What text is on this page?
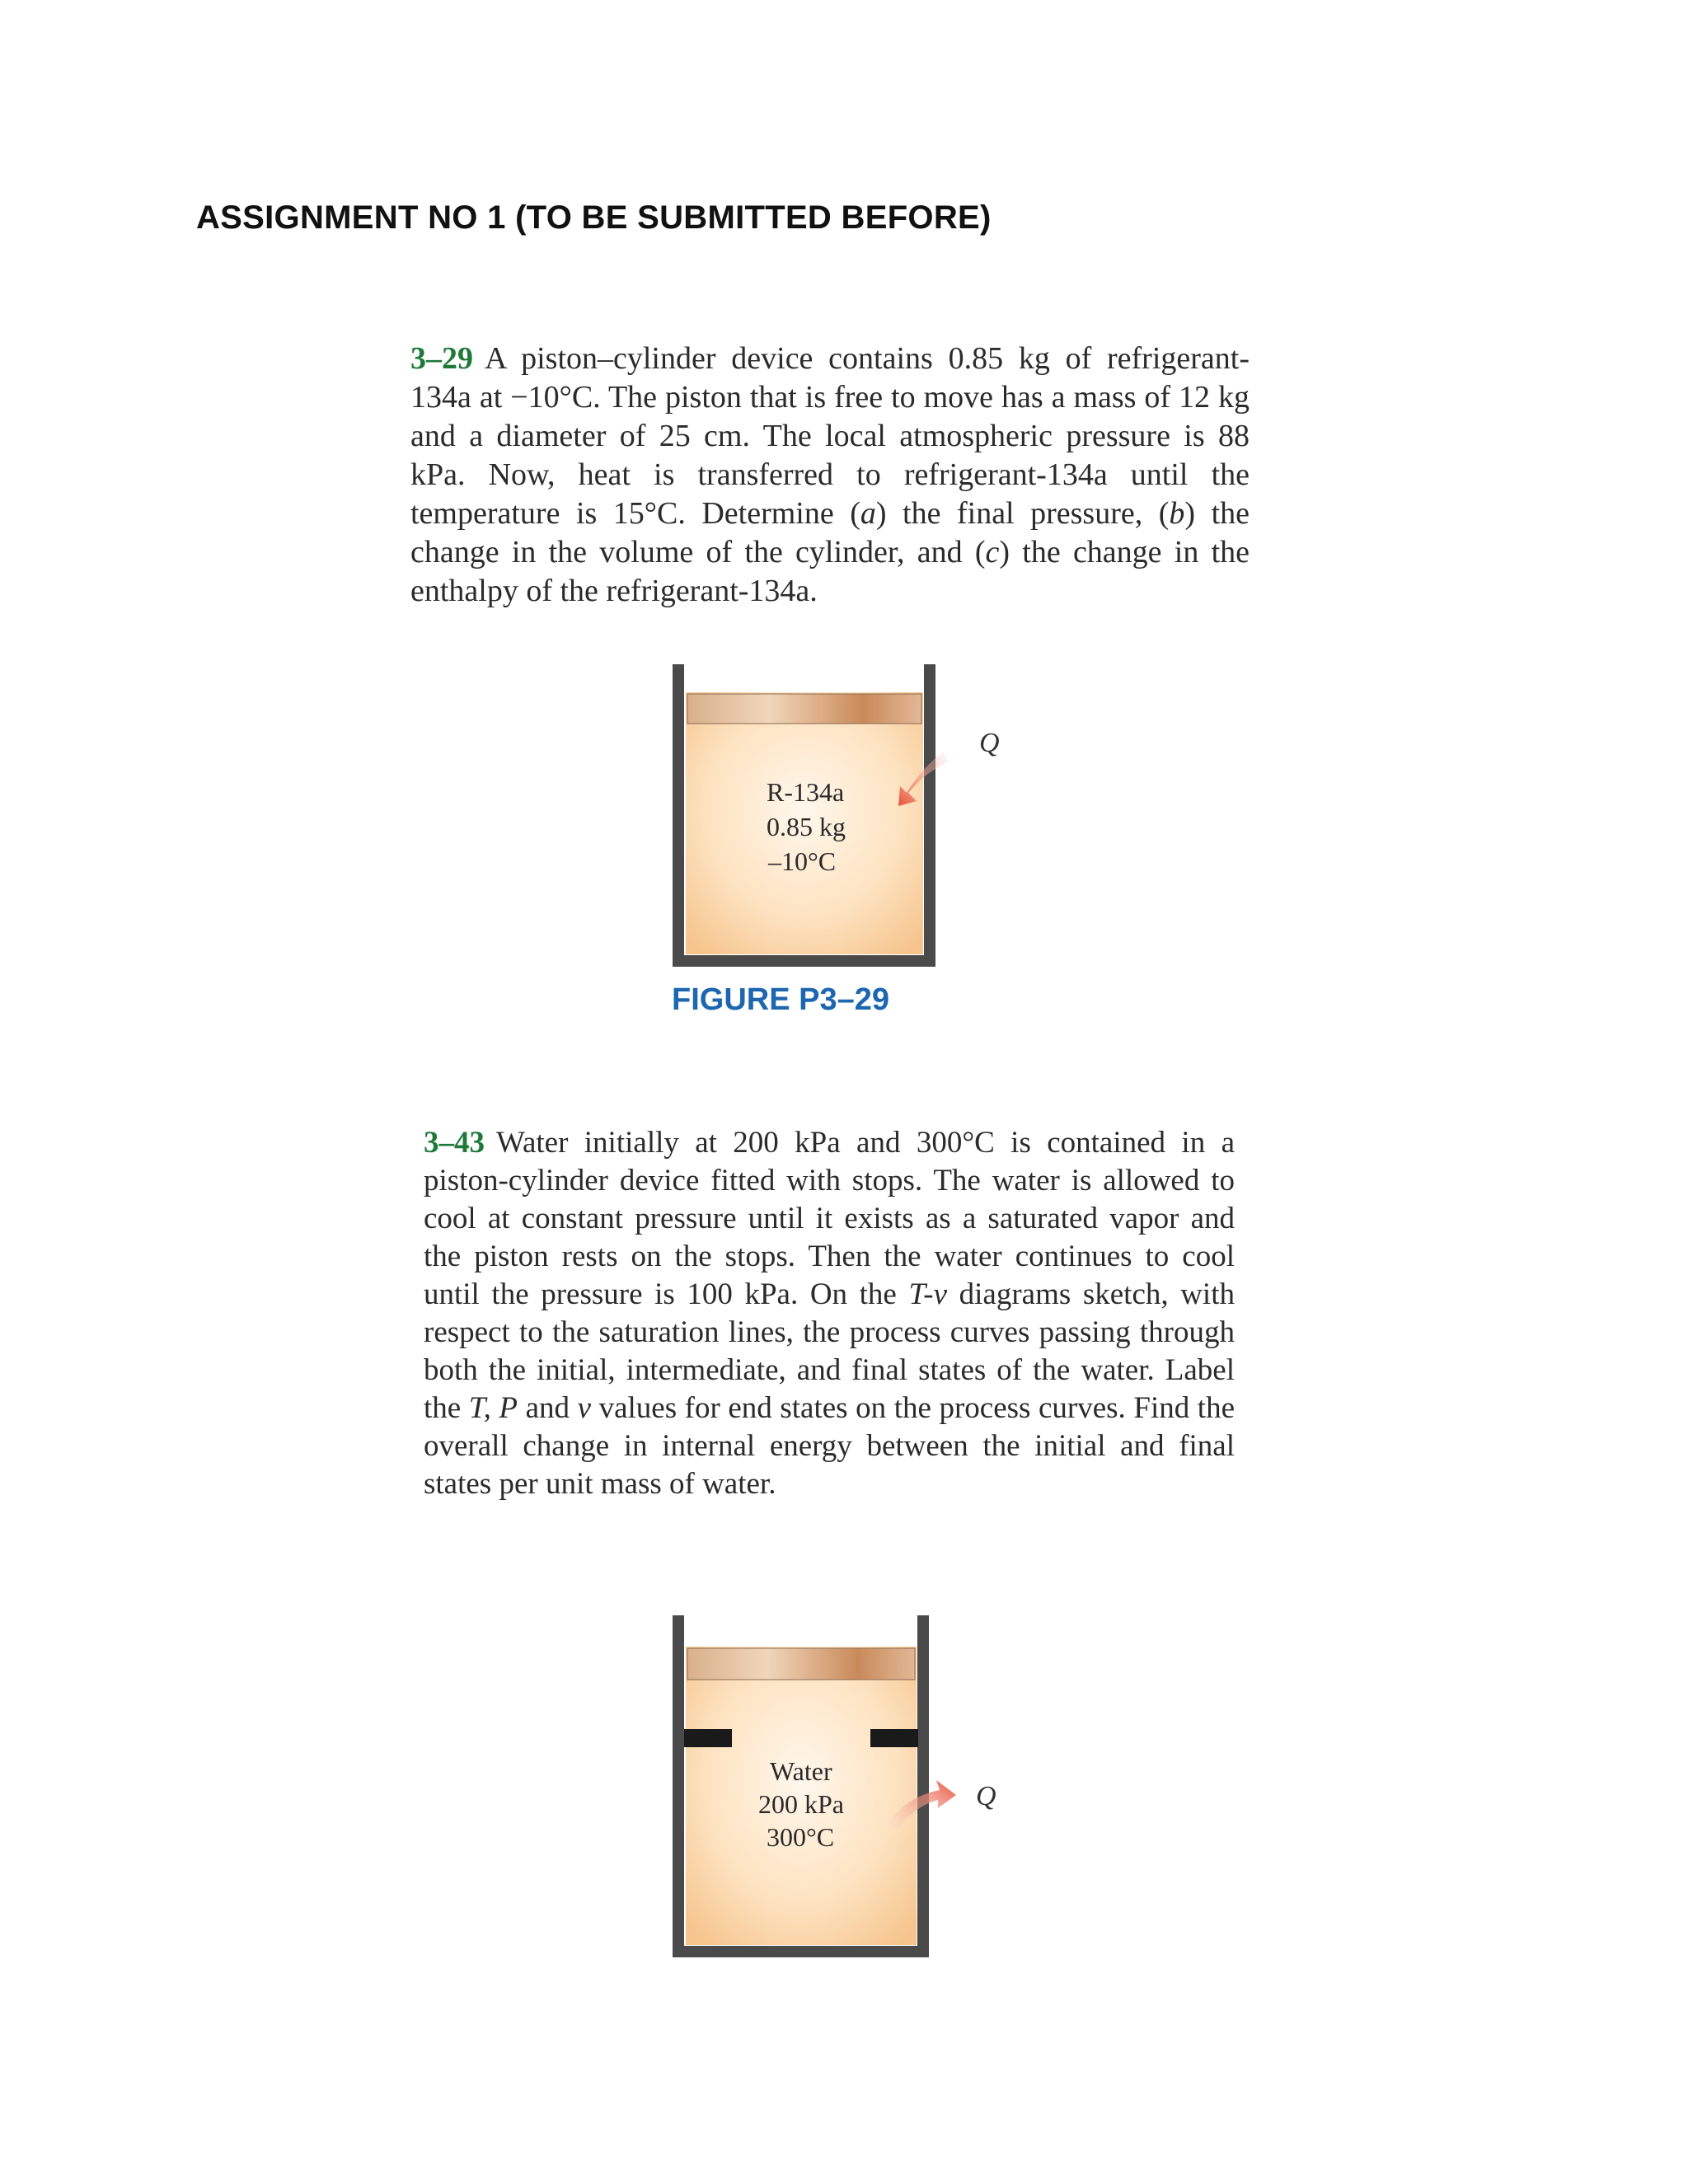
ASSIGNMENT NO 1 (TO BE SUBMITTED BEFORE)
3–29 A piston–cylinder device contains 0.85 kg of refrigerant-134a at −10°C. The piston that is free to move has a mass of 12 kg and a diameter of 25 cm. The local atmospheric pressure is 88 kPa. Now, heat is transferred to refrigerant-134a until the temperature is 15°C. Determine (a) the final pressure, (b) the change in the volume of the cylinder, and (c) the change in the enthalpy of the refrigerant-134a.
Q
R-134a
0.85 kg
–10°C
Q
Water
200 kPa
300°C
FIGURE P3–29
3–43 Water initially at 200 kPa and 300°C is contained in a piston-cylinder device fitted with stops. The water is allowed to cool at constant pressure until it exists as a saturated vapor and the piston rests on the stops. Then the water continues to cool until the pressure is 100 kPa. On the T-v diagrams sketch, with respect to the saturation lines, the process curves passing through both the initial, intermediate, and final states of the water. Label the T, P and v values for end states on the process curves. Find the overall change in internal energy between the initial and final states per unit mass of water.
